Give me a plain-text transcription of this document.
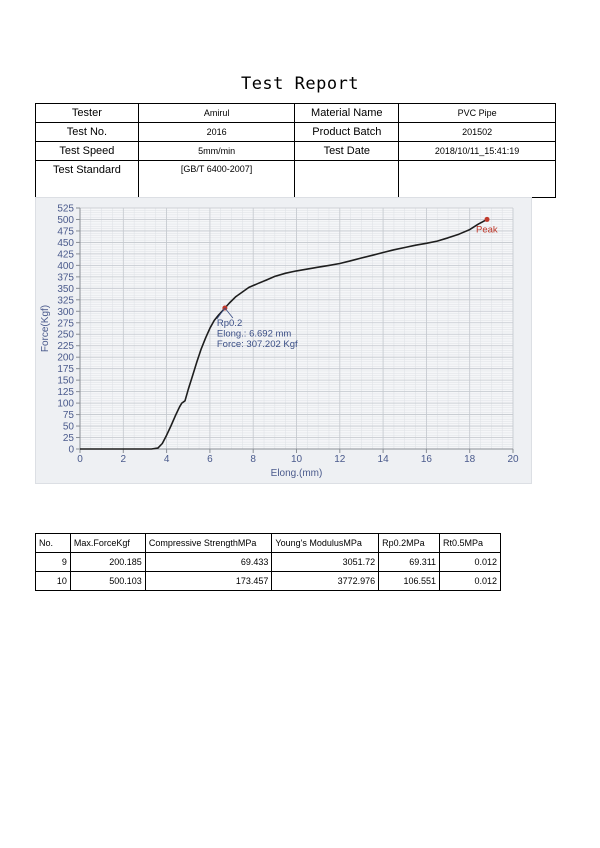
Test Report
Tester	Amirul	Material Name	PVC Pipe
Test No.	2016	Product Batch	201502
Test Speed	5mm/min	Test Date	2018/10/11_15:41:19
Test Standard	[GB/T 6400-2007]		
0	2	4	6	8	10	12	14	16	18	20
0
25
50
75
100
125
150
175
200
225
250
275
300
325
350
375
400
425
450
475
500
525
Elong.(mm)
Force(Kgf)	Rp0.2
Elong.: 6.692 mm
Force: 307.202 Kgf
Peak
No.	Max.ForceKgf	Compressive StrengthMPa	Young's ModulusMPa	Rp0.2MPa	Rt0.5MPa
9	200.185	69.433	3051.72	69.311	0.012
10	500.103	173.457	3772.976	106.551	0.012
